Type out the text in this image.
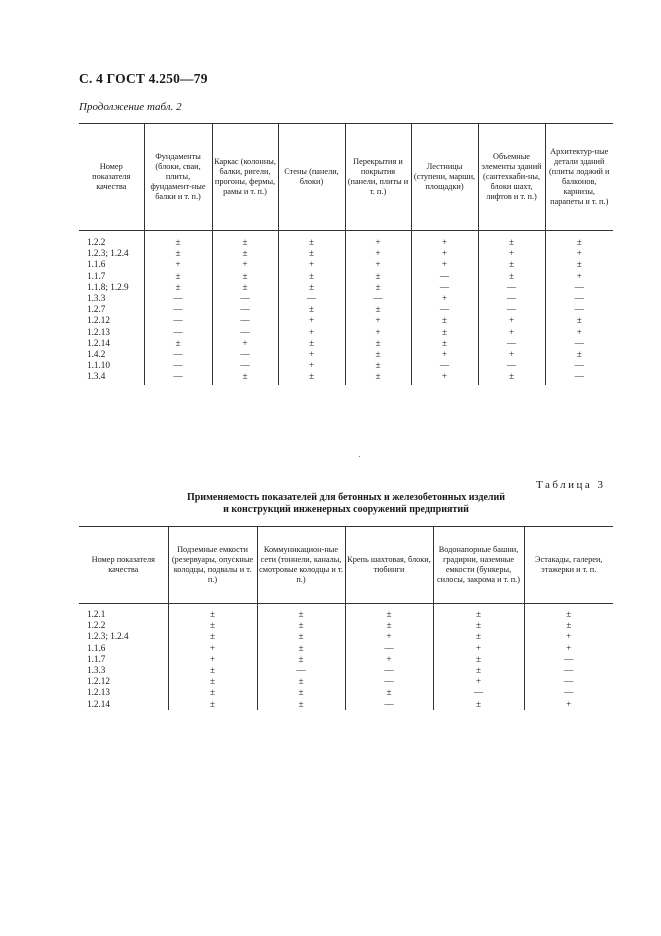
С. 4 ГОСТ 4.250—79
Продолжение табл. 2
Номер показателя качества	Фундаменты (блоки, сваи, плиты, фундамент-ные балки и т. п.)	Каркас (колонны, балки, ригели, прогоны, фермы, рамы и т. п.)	Стены (панели, блоки)	Перекрытия и покрытия (панели, плиты и т. п.)	Лестницы (ступени, марши, площадки)	Объемные элементы зданий (сантехкаби-ны, блоки шахт, лифтов и т. п.)	Архитектур-ные детали зданий (плиты лоджий и балконов, карнизы, парапеты и т. п.)
1.2.2	±	±	±	+	+	±	±
1.2.3; 1.2.4	±	±	±	+	+	+	+
1.1.6	+	+	+	+	+	±	±
1.1.7	±	±	±	±	—	±	+
1.1.8; 1.2.9	±	±	±	±	—	—	—
1.3.3	—	—	—	—	+	—	—
1.2.7	—	—	±	±	—	—	—
1.2.12	—	—	+	+	±	+	±
1.2.13	—	—	+	+	±	+	+
1.2.14	±	+	±	±	±	—	—
1.4.2	—	—	+	±	+	+	±
1.1.10	—	—	+	±	—	—	—
1.3.4	—	±	±	±	+	±	—
Таблица 3
Применяемость показателей для бетонных и железобетонных изделий
и конструкций инженерных сооружений предприятий
Номер показателя качества	Подземные емкости (резервуары, опускные колодцы, подвалы и т. п.)	Коммуникацион-ные сети (тоннели, каналы, смотровые колодцы и т. п.)	Крепь шахтовая, блоки, тюбинги	Водонапорные башни, градирни, наземные емкости (бункеры, силосы, закрома и т. п.)	Эстакады, галереи, этажерки и т. п.
1.2.1	±	±	±	±	±
1.2.2	±	±	±	±	±
1.2.3; 1.2.4	±	±	+	±	+
1.1.6	+	±	—	+	+
1.1.7	+	±	+	±	—
1.3.3	±	—	—	±	—
1.2.12	±	±	—	+	—
1.2.13	±	±	±	—	—
1.2.14	±	±	—	±	+
